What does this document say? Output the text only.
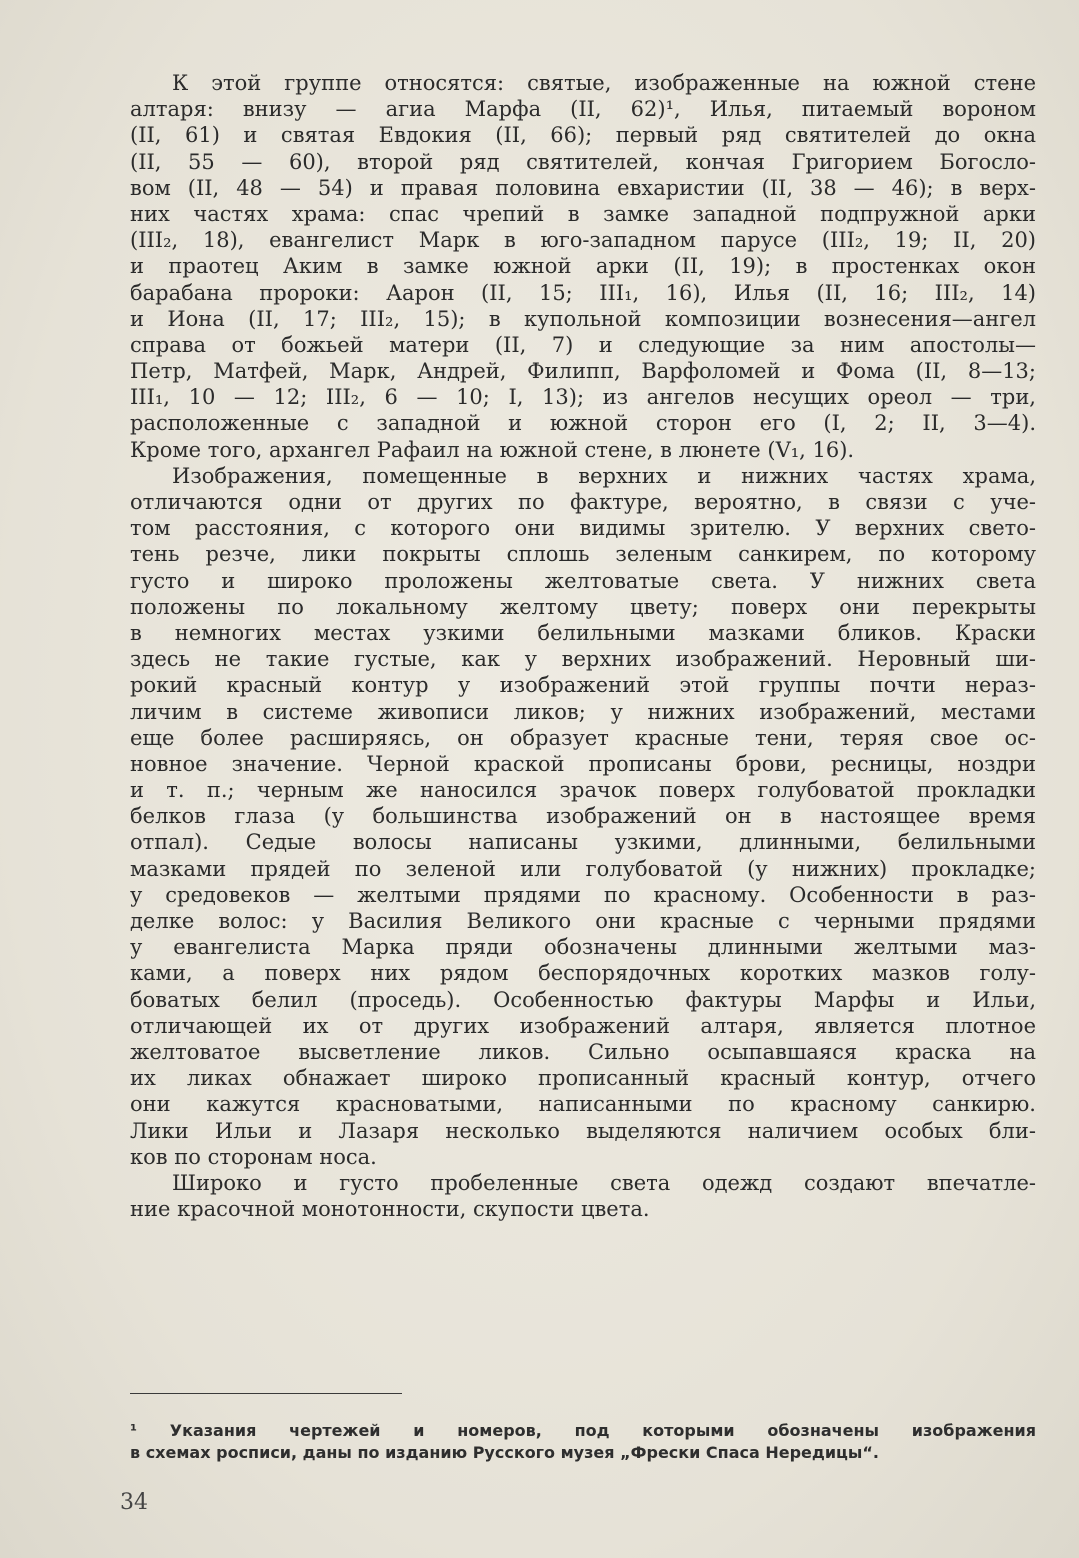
К этой группе относятся: святые, изображенные на южной стене
алтаря: внизу — агиа Марфа (II, 62)¹, Илья, питаемый вороном
(II, 61) и святая Евдокия (II, 66); первый ряд святителей до окна
(II, 55 — 60), второй ряд святителей, кончая Григорием Богосло-
вом (II, 48 — 54) и правая половина евхаристии (II, 38 — 46); в верх-
них частях храма: спас чрепий в замке западной подпружной арки
(III₂, 18), евангелист Марк в юго-западном парусе (III₂, 19; II, 20)
и праотец Аким в замке южной арки (II, 19); в простенках окон
барабана пророки: Аарон (II, 15; III₁, 16), Илья (II, 16; III₂, 14)
и Иона (II, 17; III₂, 15); в купольной композиции вознесения—ангел
справа от божьей матери (II, 7) и следующие за ним апостолы—
Петр, Матфей, Марк, Андрей, Филипп, Варфоломей и Фома (II, 8—13;
III₁, 10 — 12; III₂, 6 — 10; I, 13); из ангелов несущих ореол — три,
расположенные с западной и южной сторон его (I, 2; II, 3—4).
Кроме того, архангел Рафаил на южной стене, в люнете (V₁, 16).
Изображения, помещенные в верхних и нижних частях храма,
отличаются одни от других по фактуре, вероятно, в связи с уче-
том расстояния, с которого они видимы зрителю. У верхних свето-
тень резче, лики покрыты сплошь зеленым санкирем, по которому
густо и широко проложены желтоватые света. У нижних света
положены по локальному желтому цвету; поверх они перекрыты
в немногих местах узкими белильными мазками бликов. Краски
здесь не такие густые, как у верхних изображений. Неровный ши-
рокий красный контур у изображений этой группы почти нераз-
личим в системе живописи ликов; у нижних изображений, местами
еще более расширяясь, он образует красные тени, теряя свое ос-
новное значение. Черной краской прописаны брови, ресницы, ноздри
и т. п.; черным же наносился зрачок поверх голубоватой прокладки
белков глаза (у большинства изображений он в настоящее время
отпал). Седые волосы написаны узкими, длинными, белильными
мазками прядей по зеленой или голубоватой (у нижних) прокладке;
у средовеков — желтыми прядями по красному. Особенности в раз-
делке волос: у Василия Великого они красные с черными прядями
у евангелиста Марка пряди обозначены длинными желтыми маз-
ками, а поверх них рядом беспорядочных коротких мазков голу-
боватых белил (проседь). Особенностью фактуры Марфы и Ильи,
отличающей их от других изображений алтаря, является плотное
желтоватое высветление ликов. Сильно осыпавшаяся краска на
их ликах обнажает широко прописанный красный контур, отчего
они кажутся красноватыми, написанными по красному санкирю.
Лики Ильи и Лазаря несколько выделяются наличием особых бли-
ков по сторонам носа.
Широко и густо пробеленные света одежд создают впечатле-
ние красочной монотонности, скупости цвета.
¹ Указания чертежей и номеров, под которыми обозначены изображения
в схемах росписи, даны по изданию Русского музея „Фрески Спаса Нередицы“.
34
